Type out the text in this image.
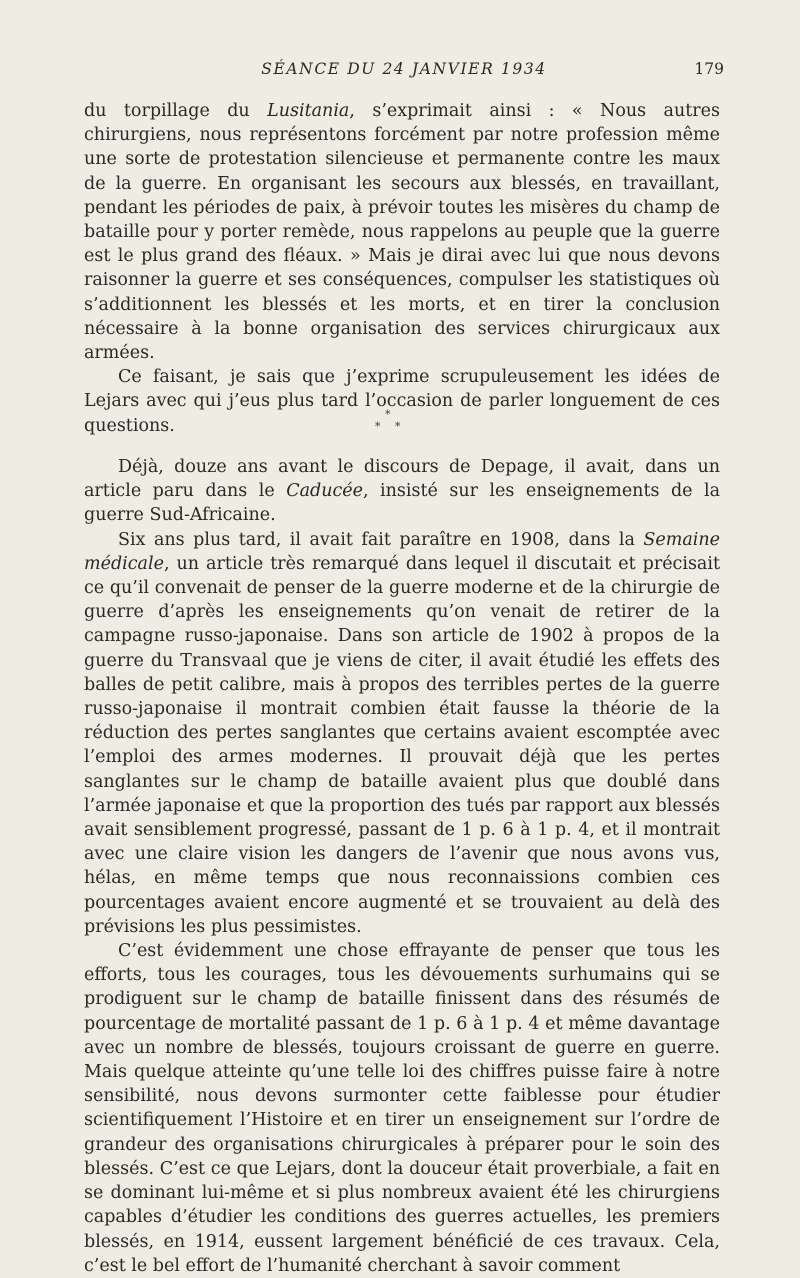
SÉANCE DU 24 JANVIER 1934	179

du torpillage du Lusitania, s’exprimait ainsi : « Nous autres chirurgiens, nous représentons forcément par notre profession même une sorte de protestation silencieuse et permanente contre les maux de la guerre. En organisant les secours aux blessés, en travaillant, pendant les périodes de paix, à prévoir toutes les misères du champ de bataille pour y porter remède, nous rappelons au peuple que la guerre est le plus grand des fléaux. » Mais je dirai avec lui que nous devons raisonner la guerre et ses conséquences, compulser les statistiques où s’additionnent les blessés et les morts, et en tirer la conclusion nécessaire à la bonne organisation des services chirurgicaux aux armées.

Ce faisant, je sais que j’exprime scrupuleusement les idées de Lejars avec qui j’eus plus tard l’occasion de parler longuement de ces questions.

*
* *

Déjà, douze ans avant le discours de Depage, il avait, dans un article paru dans le Caducée, insisté sur les enseignements de la guerre Sud-Africaine.

Six ans plus tard, il avait fait paraître en 1908, dans la Semaine médicale, un article très remarqué dans lequel il discutait et précisait ce qu’il convenait de penser de la guerre moderne et de la chirurgie de guerre d’après les enseignements qu’on venait de retirer de la campagne russo-japonaise. Dans son article de 1902 à propos de la guerre du Transvaal que je viens de citer, il avait étudié les effets des balles de petit calibre, mais à propos des terribles pertes de la guerre russo-japonaise il montrait combien était fausse la théorie de la réduction des pertes sanglantes que certains avaient escomptée avec l’emploi des armes modernes. Il prouvait déjà que les pertes sanglantes sur le champ de bataille avaient plus que doublé dans l’armée japonaise et que la proportion des tués par rapport aux blessés avait sensiblement progressé, passant de 1 p. 6 à 1 p. 4, et il montrait avec une claire vision les dangers de l’avenir que nous avons vus, hélas, en même temps que nous reconnaissions combien ces pourcentages avaient encore augmenté et se trouvaient au delà des prévisions les plus pessimistes.

C’est évidemment une chose effrayante de penser que tous les efforts, tous les courages, tous les dévouements surhumains qui se prodiguent sur le champ de bataille finissent dans des résumés de pourcentage de mortalité passant de 1 p. 6 à 1 p. 4 et même davantage avec un nombre de blessés, toujours croissant de guerre en guerre. Mais quelque atteinte qu’une telle loi des chiffres puisse faire à notre sensibilité, nous devons surmonter cette faiblesse pour étudier scientifiquement l’Histoire et en tirer un enseignement sur l’ordre de grandeur des organisations chirurgicales à préparer pour le soin des blessés. C’est ce que Lejars, dont la douceur était proverbiale, a fait en se dominant lui-même et si plus nombreux avaient été les chirurgiens capables d’étudier les conditions des guerres actuelles, les premiers blessés, en 1914, eussent largement bénéficié de ces travaux. Cela, c’est le bel effort de l’humanité cherchant à savoir comment
